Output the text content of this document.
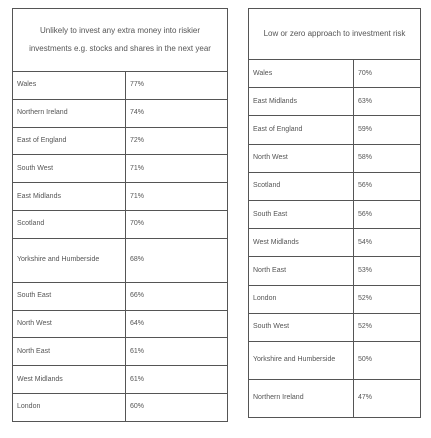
Unlikely to invest any extra money into riskier investments e.g. stocks and shares in the next year	
Wales	77%
Northern Ireland	74%
East of England	72%
South West	71%
East Midlands	71%
Scotland	70%
Yorkshire and Humberside	68%
South East	66%
North West	64%
North East	61%
West Midlands	61%
London	60%
Low or zero approach to investment risk	
Wales	70%
East Midlands	63%
East of England	59%
North West	58%
Scotland	56%
South East	56%
West Midlands	54%
North East	53%
London	52%
South West	52%
Yorkshire and Humberside	50%
Northern Ireland	47%
